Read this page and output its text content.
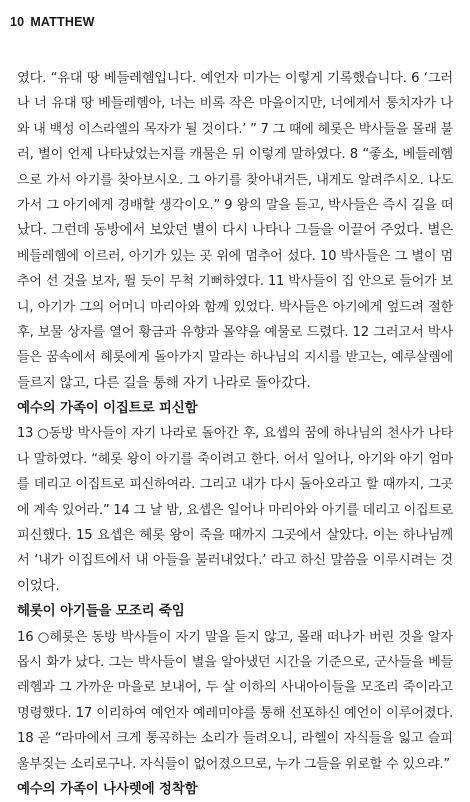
10 MATTHEW
였다. “유대 땅 베들레헴입니다. 예언자 미가는 이렇게 기록했습니다. 6 ‘그러
나 너 유대 땅 베들레헴아, 너는 비록 작은 마을이지만, 너에게서 통치자가 나
와 내 백성 이스라엘의 목자가 될 것이다.’ ” 7 그 때에 헤롯은 박사들을 몰래 불
러, 별이 언제 나타났었는지를 캐물은 뒤 이렇게 말하였다. 8 “좋소, 베들레헴
으로 가서 아기를 찾아보시오. 그 아기를 찾아내거든, 내게도 알려주시오. 나도
가서 그 아기에게 경배할 생각이오.” 9 왕의 말을 듣고, 박사들은 즉시 길을 떠
났다. 그런데 동방에서 보았던 별이 다시 나타나 그들을 이끌어 주었다. 별은
베들레헴에 이르러, 아기가 있는 곳 위에 멈추어 섰다. 10 박사들은 그 별이 멈
추어 선 것을 보자, 뛸 듯이 무척 기뻐하였다. 11 박사들이 집 안으로 들어가 보
니, 아기가 그의 어머니 마리아와 함께 있었다. 박사들은 아기에게 엎드려 절한
후, 보물 상자를 열어 황금과 유향과 몰약을 예물로 드렸다. 12 그러고서 박사
들은 꿈속에서 헤롯에게 돌아가지 말라는 하나님의 지시를 받고는, 예루살렘에
들르지 않고, 다른 길을 통해 자기 나라로 돌아갔다.
예수의 가족이 이집트로 피신함
13 ○동방 박사들이 자기 나라로 돌아간 후, 요셉의 꿈에 하나님의 천사가 나타
나 말하였다. “헤롯 왕이 아기를 죽이려고 한다. 어서 일어나, 아기와 아기 엄마
를 데리고 이집트로 피신하여라. 그리고 내가 다시 돌아오라고 할 때까지, 그곳
에 계속 있어라.” 14 그 날 밤, 요셉은 일어나 마리아와 아기를 데리고 이집트로
피신했다. 15 요셉은 헤롯 왕이 죽을 때까지 그곳에서 살았다. 이는 하나님께
서 ‘내가 이집트에서 내 아들을 불러내었다.’ 라고 하신 말씀을 이루시려는 것
이었다.
헤롯이 아기들을 모조리 죽임
16 ○헤롯은 동방 박사들이 자기 말을 듣지 않고, 몰래 떠나가 버린 것을 알자
몹시 화가 났다. 그는 박사들이 별을 알아냈던 시간을 기준으로, 군사들을 베들
레헴과 그 가까운 마을로 보내어, 두 살 이하의 사내아이들을 모조리 죽이라고
명령했다. 17 이리하여 예언자 예레미야를 통해 선포하신 예언이 이루어졌다.
18 곧 “라마에서 크게 통곡하는 소리가 들려오니, 라헬이 자식들을 잃고 슬피
울부짖는 소리로구나. 자식들이 없어졌으므로, 누가 그들을 위로할 수 있으랴.”
예수의 가족이 나사렛에 정착함
